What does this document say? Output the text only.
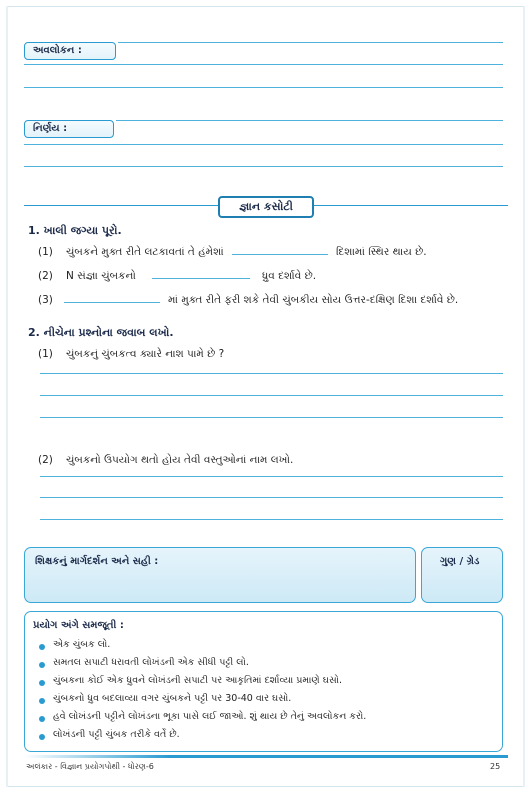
અવલોકન :
નિર્ણય :
જ્ઞાન કસોટી
1. ખાલી જગ્યા પૂરો.
(1) ચુંબકને મુક્ત રીતે લટકાવતાં તે હંમેશાં	દિશામાં સ્થિર થાય છે.
(2) N સંજ્ઞા ચુંબકનો	ધ્રુવ દર્શાવે છે.
(3)	માં મુક્ત રીતે ફરી શકે તેવી ચુંબકીય સોય ઉત્તર-દક્ષિણ દિશા દર્શાવે છે.
2. નીચેના પ્રશ્નોના જવાબ લખો.
(1) ચુંબકનું ચુંબકત્વ ક્યારે નાશ પામે છે ?
(2) ચુંબકનો ઉપયોગ થતો હોય તેવી વસ્તુઓનાં નામ લખો.
શિક્ષકનું માર્ગદર્શન અને સહી :	ગુણ / ગ્રેડ
પ્રયોગ અંગે સમજૂતી :
એક ચુંબક લો.
સમતલ સપાટી ધરાવતી લોખંડની એક સીધી પટ્ટી લો.
ચુંબકના કોઈ એક ધ્રુવને લોખંડની સપાટી પર આકૃતિમાં દર્શાવ્યા પ્રમાણે ઘસો.
ચુંબકનો ધ્રુવ બદલાવ્યા વગર ચુંબકને પટ્ટી પર 30-40 વાર ઘસો.
હવે લોખંડની પટ્ટીને લોખંડના ભૂકા પાસે લઈ જાઓ. શું થાય છે તેનું અવલોકન કરો.
લોખંડની પટ્ટી ચુંબક તરીકે વર્તે છે.
અલંકાર - વિજ્ઞાન પ્રયોગપોથી - ધોરણ-6	25
